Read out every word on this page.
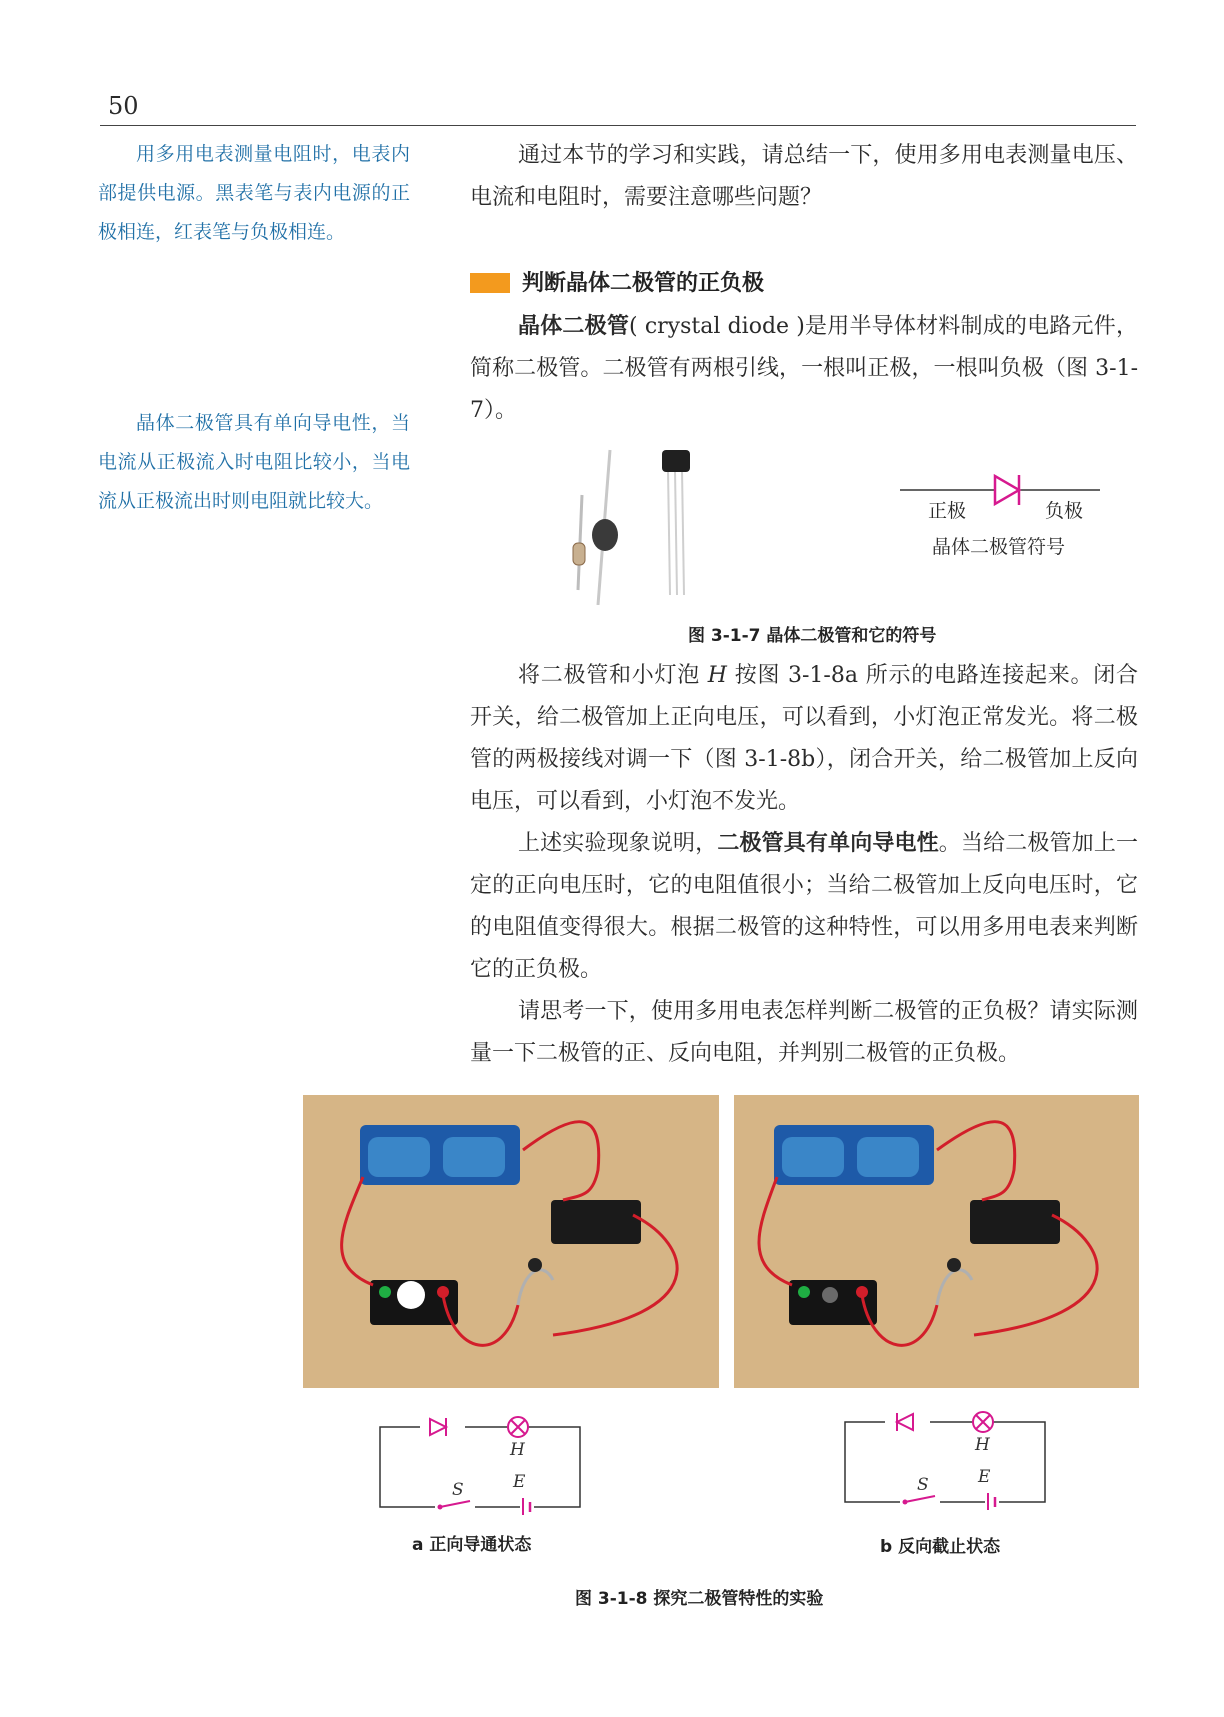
50

用多用电表测量电阻时，电表内部提供电源。黑表笔与表内电源的正极相连，红表笔与负极相连。

晶体二极管具有单向导电性，当电流从正极流入时电阻比较小，当电流从正极流出时则电阻就比较大。

通过本节的学习和实践，请总结一下，使用多用电表测量电压、电流和电阻时，需要注意哪些问题？

判断晶体二极管的正负极

晶体二极管( crystal diode )是用半导体材料制成的电路元件，简称二极管。二极管有两根引线，一根叫正极，一根叫负极（图 3-1-7）。

正极	负极
晶体二极管符号
图 3-1-7 晶体二极管和它的符号

将二极管和小灯泡 H 按图 3-1-8a 所示的电路连接起来。闭合开关，给二极管加上正向电压，可以看到，小灯泡正常发光。将二极管的两极接线对调一下（图 3-1-8b），闭合开关，给二极管加上反向电压，可以看到，小灯泡不发光。

上述实验现象说明，二极管具有单向导电性。当给二极管加上一定的正向电压时，它的电阻值很小；当给二极管加上反向电压时，它的电阻值变得很大。根据二极管的这种特性，可以用多用电表来判断它的正负极。

请思考一下，使用多用电表怎样判断二极管的正负极？请实际测量一下二极管的正、反向电阻，并判别二极管的正负极。

H
E
S
H
E
S
a 正向导通状态	b 反向截止状态
图 3-1-8 探究二极管特性的实验
